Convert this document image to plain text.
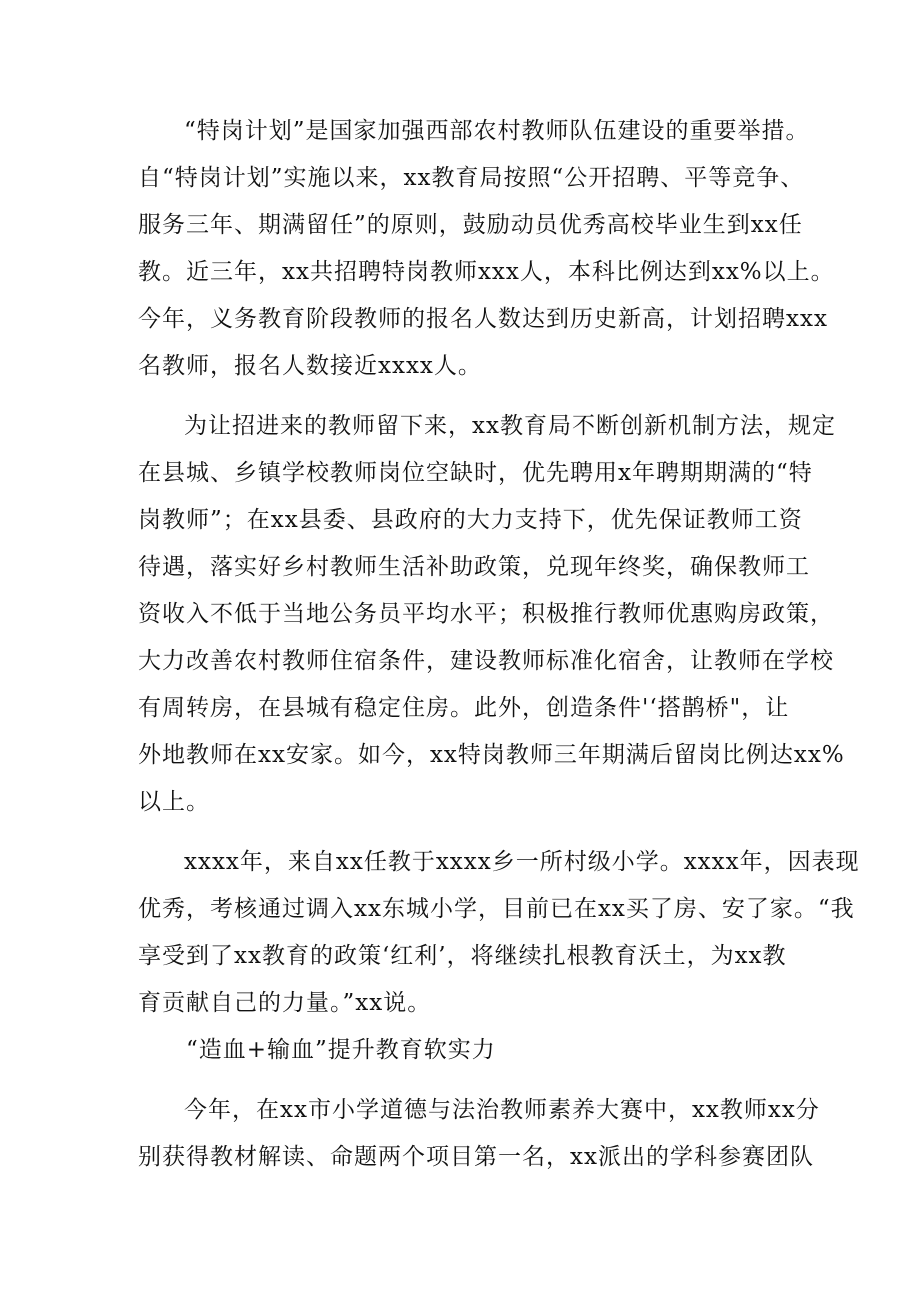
“特岗计划”是国家加强西部农村教师队伍建设的重要举措。
自“特岗计划”实施以来，xx教育局按照“公开招聘、平等竞争、
服务三年、期满留任”的原则，鼓励动员优秀高校毕业生到xx任
教。近三年，xx共招聘特岗教师xxx人，本科比例达到xx%以上。
今年，义务教育阶段教师的报名人数达到历史新高，计划招聘xxx
名教师，报名人数接近xxxx人。
为让招进来的教师留下来，xx教育局不断创新机制方法，规定
在县城、乡镇学校教师岗位空缺时，优先聘用x年聘期期满的“特
岗教师”；在xx县委、县政府的大力支持下，优先保证教师工资
待遇，落实好乡村教师生活补助政策，兑现年终奖，确保教师工
资收入不低于当地公务员平均水平；积极推行教师优惠购房政策，
大力改善农村教师住宿条件，建设教师标准化宿舍，让教师在学校
有周转房，在县城有稳定住房。此外，创造条件'‘搭鹊桥"，让
外地教师在xx安家。如今，xx特岗教师三年期满后留岗比例达xx%
以上。
xxxx年，来自xx任教于xxxx乡一所村级小学。xxxx年，因表现
优秀，考核通过调入xx东城小学，目前已在xx买了房、安了家。“我
享受到了xx教育的政策‘红利’，将继续扎根教育沃土，为xx教
育贡献自己的力量。”xx说。
“造血+输血”提升教育软实力
今年，在xx市小学道德与法治教师素养大赛中，xx教师xx分
别获得教材解读、命题两个项目第一名，xx派出的学科参赛团队
